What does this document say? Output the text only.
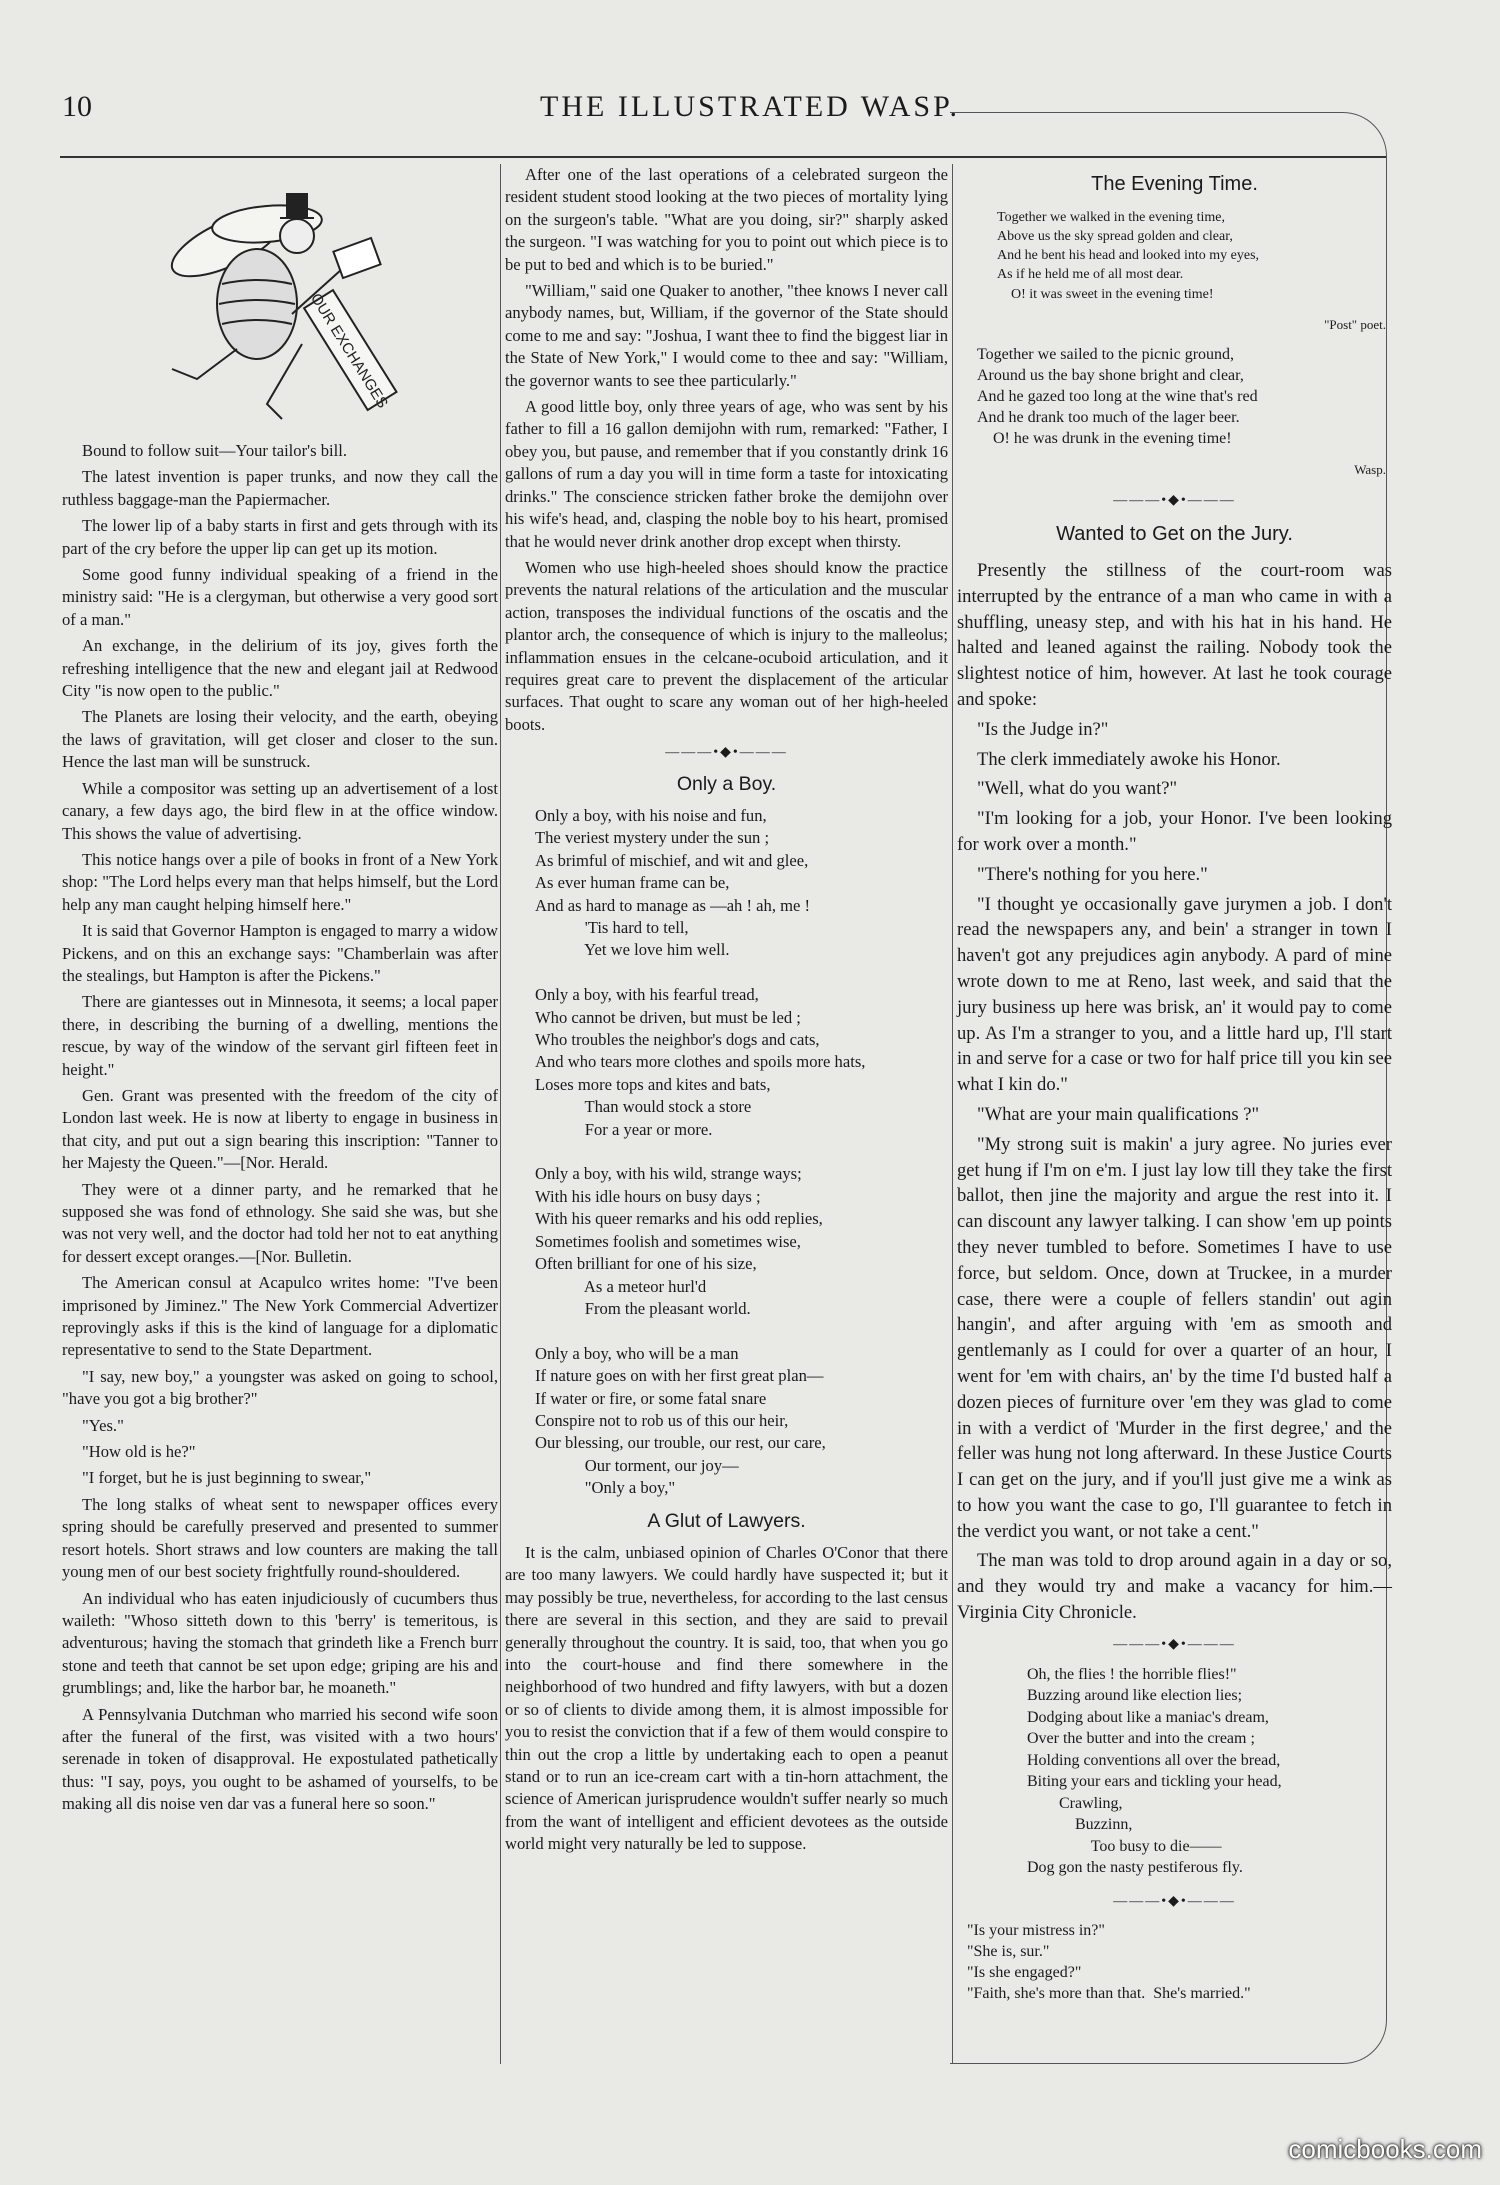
10	THE ILLUSTRATED WASP.
OUR EXCHANGES

Bound to follow suit—Your tailor's bill.

The latest invention is paper trunks, and now they call the ruthless baggage-man the Papiermacher.

The lower lip of a baby starts in first and gets through with its part of the cry before the upper lip can get up its motion.

Some good funny individual speaking of a friend in the ministry said: "He is a clergyman, but otherwise a very good sort of a man."

An exchange, in the delirium of its joy, gives forth the refreshing intelligence that the new and elegant jail at Redwood City "is now open to the public."

The Planets are losing their velocity, and the earth, obeying the laws of gravitation, will get closer and closer to the sun. Hence the last man will be sunstruck.

While a compositor was setting up an advertisement of a lost canary, a few days ago, the bird flew in at the office window. This shows the value of advertising.

This notice hangs over a pile of books in front of a New York shop: "The Lord helps every man that helps himself, but the Lord help any man caught helping himself here."

It is said that Governor Hampton is engaged to marry a widow Pickens, and on this an exchange says: "Chamberlain was after the stealings, but Hampton is after the Pickens."

There are giantesses out in Minnesota, it seems; a local paper there, in describing the burning of a dwelling, mentions the rescue, by way of the window of the servant girl fifteen feet in height."

Gen. Grant was presented with the freedom of the city of London last week. He is now at liberty to engage in business in that city, and put out a sign bearing this inscription: "Tanner to her Majesty the Queen."—[Nor. Herald.

They were ot a dinner party, and he remarked that he supposed she was fond of ethnology. She said she was, but she was not very well, and the doctor had told her not to eat anything for dessert except oranges.—[Nor. Bulletin.

The American consul at Acapulco writes home: "I've been imprisoned by Jiminez." The New York Commercial Advertizer reprovingly asks if this is the kind of language for a diplomatic representative to send to the State Department.

"I say, new boy," a youngster was asked on going to school, "have you got a big brother?"

"Yes."

"How old is he?"

"I forget, but he is just beginning to swear,"

The long stalks of wheat sent to newspaper offices every spring should be carefully preserved and presented to summer resort hotels. Short straws and low counters are making the tall young men of our best society frightfully round-shouldered.

An individual who has eaten injudiciously of cucumbers thus waileth: "Whoso sitteth down to this 'berry' is temeritous, is adventurous; having the stomach that grindeth like a French burr stone and teeth that cannot be set upon edge; griping are his and grumblings; and, like the harbor bar, he moaneth."

A Pennsylvania Dutchman who married his second wife soon after the funeral of the first, was visited with a two hours' serenade in token of disapproval. He expostulated pathetically thus: "I say, poys, you ought to be ashamed of yourselfs, to be making all dis noise ven dar vas a funeral here so soon."

After one of the last operations of a celebrated surgeon the resident student stood looking at the two pieces of mortality lying on the surgeon's table. "What are you doing, sir?" sharply asked the surgeon. "I was watching for you to point out which piece is to be put to bed and which is to be buried."

"William," said one Quaker to another, "thee knows I never call anybody names, but, William, if the governor of the State should come to me and say: "Joshua, I want thee to find the biggest liar in the State of New York," I would come to thee and say: "William, the governor wants to see thee particularly."

A good little boy, only three years of age, who was sent by his father to fill a 16 gallon demijohn with rum, remarked: "Father, I obey you, but pause, and remember that if you constantly drink 16 gallons of rum a day you will in time form a taste for intoxicating drinks." The conscience stricken father broke the demijohn over his wife's head, and, clasping the noble boy to his heart, promised that he would never drink another drop except when thirsty.

Women who use high-heeled shoes should know the practice prevents the natural relations of the articulation and the muscular action, transposes the individual functions of the oscatis and the plantor arch, the consequence of which is injury to the malleolus; inflammation ensues in the celcane-ocuboid articulation, and it requires great care to prevent the displacement of the articular surfaces. That ought to scare any woman out of her high-heeled boots.

———•◆•———
Only a Boy.
Only a boy, with his noise and fun,
The veriest mystery under the sun ;
As brimful of mischief, and wit and glee,
As ever human frame can be,
And as hard to manage as —ah ! ah, me !
'Tis hard to tell,
Yet we love him well.

Only a boy, with his fearful tread,
Who cannot be driven, but must be led ;
Who troubles the neighbor's dogs and cats,
And who tears more clothes and spoils more hats,
Loses more tops and kites and bats,
Than would stock a store
For a year or more.

Only a boy, with his wild, strange ways;
With his idle hours on busy days ;
With his queer remarks and his odd replies,
Sometimes foolish and sometimes wise,
Often brilliant for one of his size,
As a meteor hurl'd
From the pleasant world.

Only a boy, who will be a man
If nature goes on with her first great plan—
If water or fire, or some fatal snare
Conspire not to rob us of this our heir,
Our blessing, our trouble, our rest, our care,
Our torment, our joy—
"Only a boy,"
A Glut of Lawyers.

It is the calm, unbiased opinion of Charles O'Conor that there are too many lawyers. We could hardly have suspected it; but it may possibly be true, nevertheless, for according to the last census there are several in this section, and they are said to prevail generally throughout the country. It is said, too, that when you go into the court-house and find there somewhere in the neighborhood of two hundred and fifty lawyers, with but a dozen or so of clients to divide among them, it is almost impossible for you to resist the conviction that if a few of them would conspire to thin out the crop a little by undertaking each to open a peanut stand or to run an ice-cream cart with a tin-horn attachment, the science of American jurisprudence wouldn't suffer nearly so much from the want of intelligent and efficient devotees as the outside world might very naturally be led to suppose.

The Evening Time.
Together we walked in the evening time,
Above us the sky spread golden and clear,
And he bent his head and looked into my eyes,
As if he held me of all most dear.
O! it was sweet in the evening time!
"Post" poet.
Together we sailed to the picnic ground,
Around us the bay shone bright and clear,
And he gazed too long at the wine that's red
And he drank too much of the lager beer.
O! he was drunk in the evening time!
Wasp.
———•◆•———
Wanted to Get on the Jury.

Presently the stillness of the court-room was interrupted by the entrance of a man who came in with a shuffling, uneasy step, and with his hat in his hand. He halted and leaned against the railing. Nobody took the slightest notice of him, however. At last he took courage and spoke:

"Is the Judge in?"

The clerk immediately awoke his Honor.

"Well, what do you want?"

"I'm looking for a job, your Honor. I've been looking for work over a month."

"There's nothing for you here."

"I thought ye occasionally gave jurymen a job. I don't read the newspapers any, and bein' a stranger in town I haven't got any prejudices agin anybody. A pard of mine wrote down to me at Reno, last week, and said that the jury business up here was brisk, an' it would pay to come up. As I'm a stranger to you, and a little hard up, I'll start in and serve for a case or two for half price till you kin see what I kin do."

"What are your main qualifications ?"

"My strong suit is makin' a jury agree. No juries ever get hung if I'm on e'm. I just lay low till they take the first ballot, then jine the majority and argue the rest into it. I can discount any lawyer talking. I can show 'em up points they never tumbled to before. Sometimes I have to use force, but seldom. Once, down at Truckee, in a murder case, there were a couple of fellers standin' out agin hangin', and after arguing with 'em as smooth and gentlemanly as I could for over a quarter of an hour, I went for 'em with chairs, an' by the time I'd busted half a dozen pieces of furniture over 'em they was glad to come in with a verdict of 'Murder in the first degree,' and the feller was hung not long afterward. In these Justice Courts I can get on the jury, and if you'll just give me a wink as to how you want the case to go, I'll guarantee to fetch in the verdict you want, or not take a cent."

The man was told to drop around again in a day or so, and they would try and make a vacancy for him.—Virginia City Chronicle.

———•◆•———
Oh, the flies ! the horrible flies!"
Buzzing around like election lies;
Dodging about like a maniac's dream,
Over the butter and into the cream ;
Holding conventions all over the bread,
Biting your ears and tickling your head,
Crawling,
Buzzinn,
Too busy to die——
Dog gon the nasty pestiferous fly.
———•◆•———
"Is your mistress in?"
"She is, sur."
"Is she engaged?"
"Faith, she's more than that.  She's married."
comicbooks.com
